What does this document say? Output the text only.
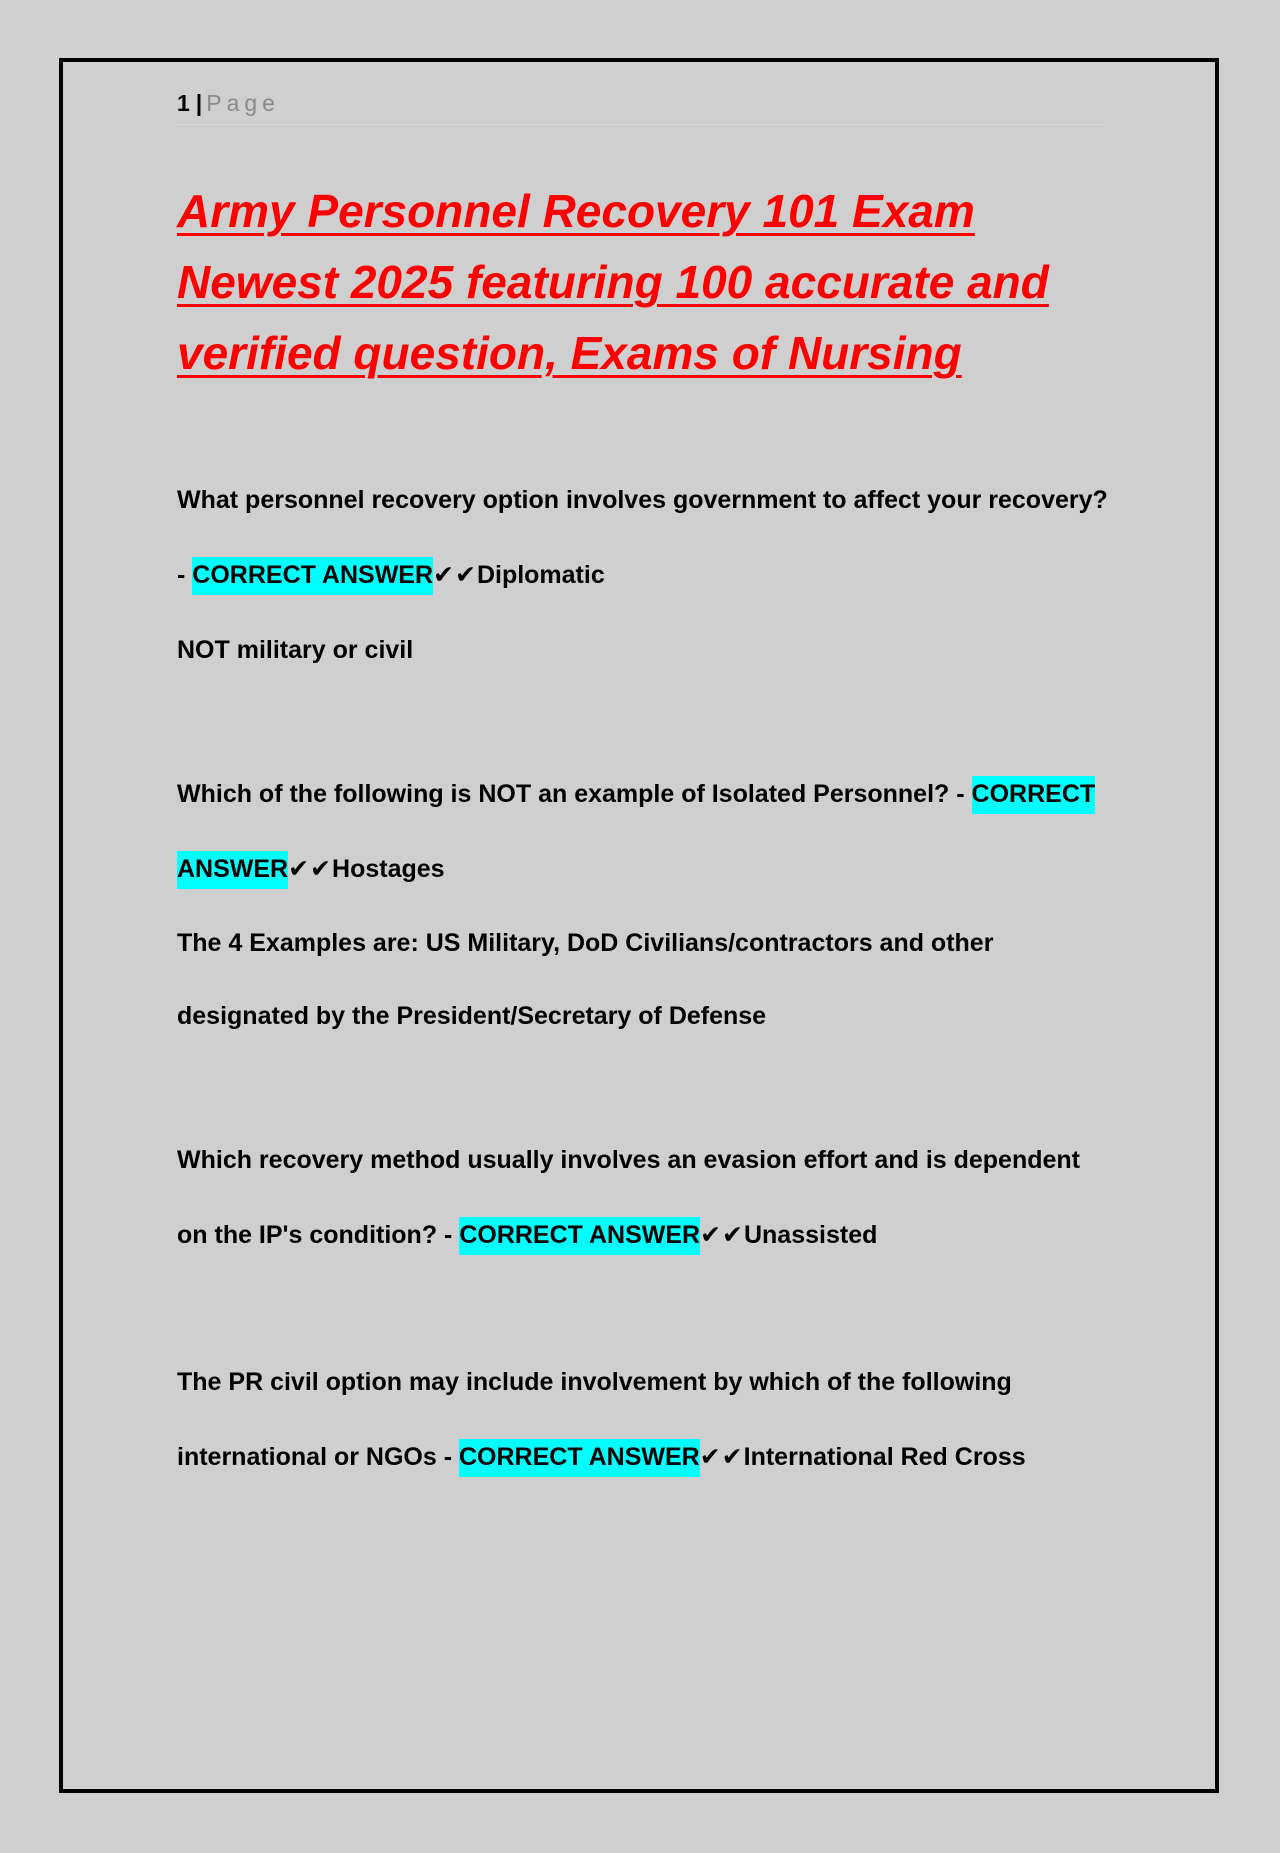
1 | Page
Army Personnel Recovery 101 Exam Newest 2025 featuring 100 accurate and verified question, Exams of Nursing

What personnel recovery option involves government to affect your recovery? - CORRECT ANSWER✔✔Diplomatic

NOT military or civil

Which of the following is NOT an example of Isolated Personnel? - CORRECT
ANSWER✔✔Hostages

The 4 Examples are: US Military, DoD Civilians/contractors and other

designated by the President/Secretary of Defense

Which recovery method usually involves an evasion effort and is dependent on the IP's condition? - CORRECT ANSWER✔✔Unassisted

The PR civil option may include involvement by which of the following international or NGOs - CORRECT ANSWER✔✔International Red Cross
